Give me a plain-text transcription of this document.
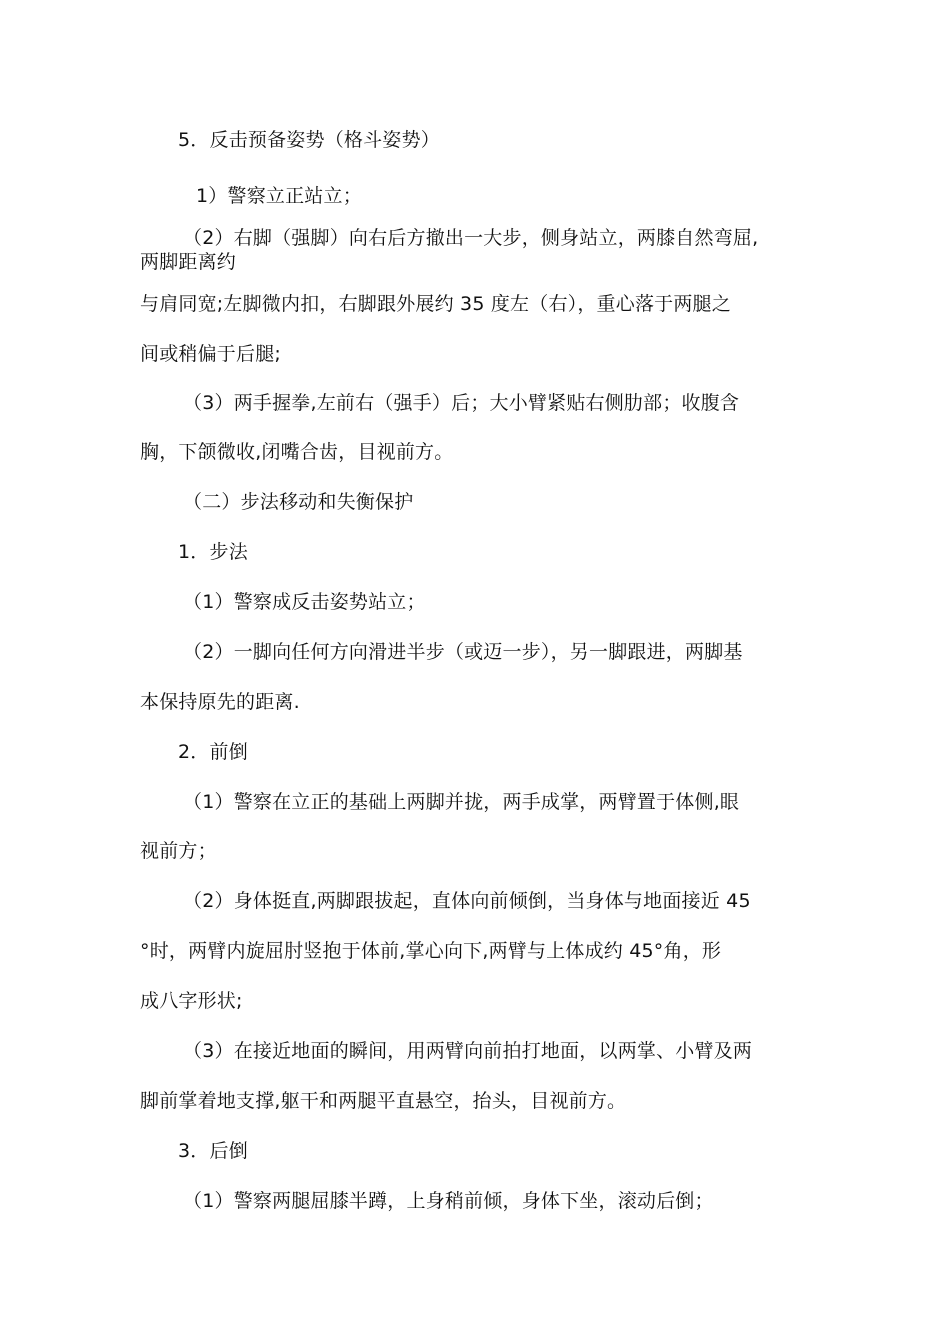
5．反击预备姿势（格斗姿势）
1）警察立正站立；
（2）右脚（强脚）向右后方撤出一大步，侧身站立，两膝自然弯屈,
两脚距离约
与肩同宽;左脚微内扣，右脚跟外展约 35 度左（右），重心落于两腿之
间或稍偏于后腿;
（3）两手握拳,左前右（强手）后；大小臂紧贴右侧肋部；收腹含
胸，下颌微收,闭嘴合齿，目视前方。
（二）步法移动和失衡保护
1．步法
（1）警察成反击姿势站立；
（2）一脚向任何方向滑进半步（或迈一步），另一脚跟进，两脚基
本保持原先的距离.
2．前倒
（1）警察在立正的基础上两脚并拢，两手成掌，两臂置于体侧,眼
视前方；
（2）身体挺直,两脚跟拔起，直体向前倾倒，当身体与地面接近 45
°时，两臂内旋屈肘竖抱于体前,掌心向下,两臂与上体成约 45°角，形
成八字形状;
（3）在接近地面的瞬间，用两臂向前拍打地面，以两掌、小臂及两
脚前掌着地支撑,躯干和两腿平直悬空，抬头，目视前方。
3．后倒
（1）警察两腿屈膝半蹲，上身稍前倾，身体下坐，滚动后倒；
